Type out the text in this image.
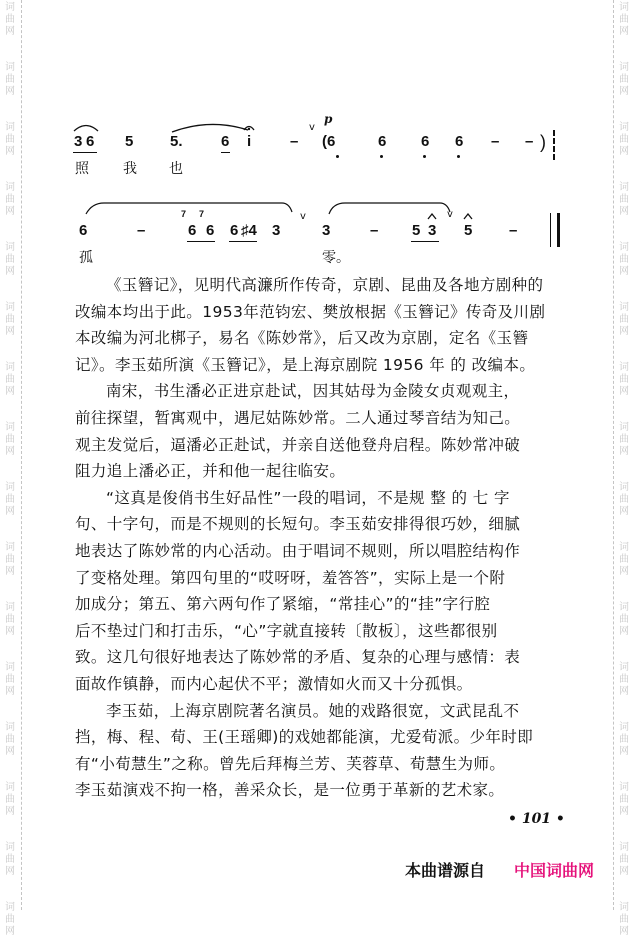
词
曲
网
词
曲
网
词
曲
网
词
曲
网
词
曲
网
词
曲
网
词
曲
网
词
曲
网
词
曲
网
词
曲
网
词
曲
网
词
曲
网
词
曲
网
词
曲
网
词
曲
网
词
曲
网
词
曲
网
词
曲
网
词
曲
网
词
曲
网
词
曲
网
词
曲
网
词
曲
网
词
曲
网
词
曲
网
词
曲
网
词
曲
网
词
曲
网
词
曲
网
词
曲
网
词
曲
网
词
曲
网
3 6 5 5.	6 i	–
v
p
(6	6 6 6 – – )
照 我 也
6	–
7 7
6 6 6 ♯4 3
v
3	– 5 3
v
5 –
孤	零。

《玉簪记》，见明代高濂所作传奇，京剧、昆曲及各地方剧种的

改编本均出于此。1953年范钧宏、樊放根据《玉簪记》传奇及川剧

本改编为河北梆子，易名《陈妙常》，后又改为京剧，定名《玉簪

记》。李玉茹所演《玉簪记》，是上海京剧院 1956 年 的 改编本。

南宋，书生潘必正进京赴试，因其姑母为金陵女贞观观主，

前往探望，暂寓观中，遇尼姑陈妙常。二人通过琴音结为知己。

观主发觉后，逼潘必正赴试，并亲自送他登舟启程。陈妙常冲破

阻力追上潘必正，并和他一起往临安。

“这真是俊俏书生好品性”一段的唱词，不是规 整 的 七 字

句、十字句，而是不规则的长短句。李玉茹安排得很巧妙，细腻

地表达了陈妙常的内心活动。由于唱词不规则，所以唱腔结构作

了变格处理。第四句里的“哎呀呀，羞答答”，实际上是一个附

加成分；第五、第六两句作了紧缩，“常挂心”的“挂”字行腔

后不垫过门和打击乐，“心”字就直接转〔散板〕，这些都很别

致。这几句很好地表达了陈妙常的矛盾、复杂的心理与感情：表

面故作镇静，而内心起伏不平；激情如火而又十分孤惧。

李玉茹，上海京剧院著名演员。她的戏路很宽，文武昆乱不

挡，梅、程、荀、王(王瑶卿)的戏她都能演，尤爱荀派。少年时即

有“小荀慧生”之称。曾先后拜梅兰芳、芙蓉草、荀慧生为师。

李玉茹演戏不拘一格，善采众长，是一位勇于革新的艺术家。

• 101 •
本曲谱源自 中国词曲网
